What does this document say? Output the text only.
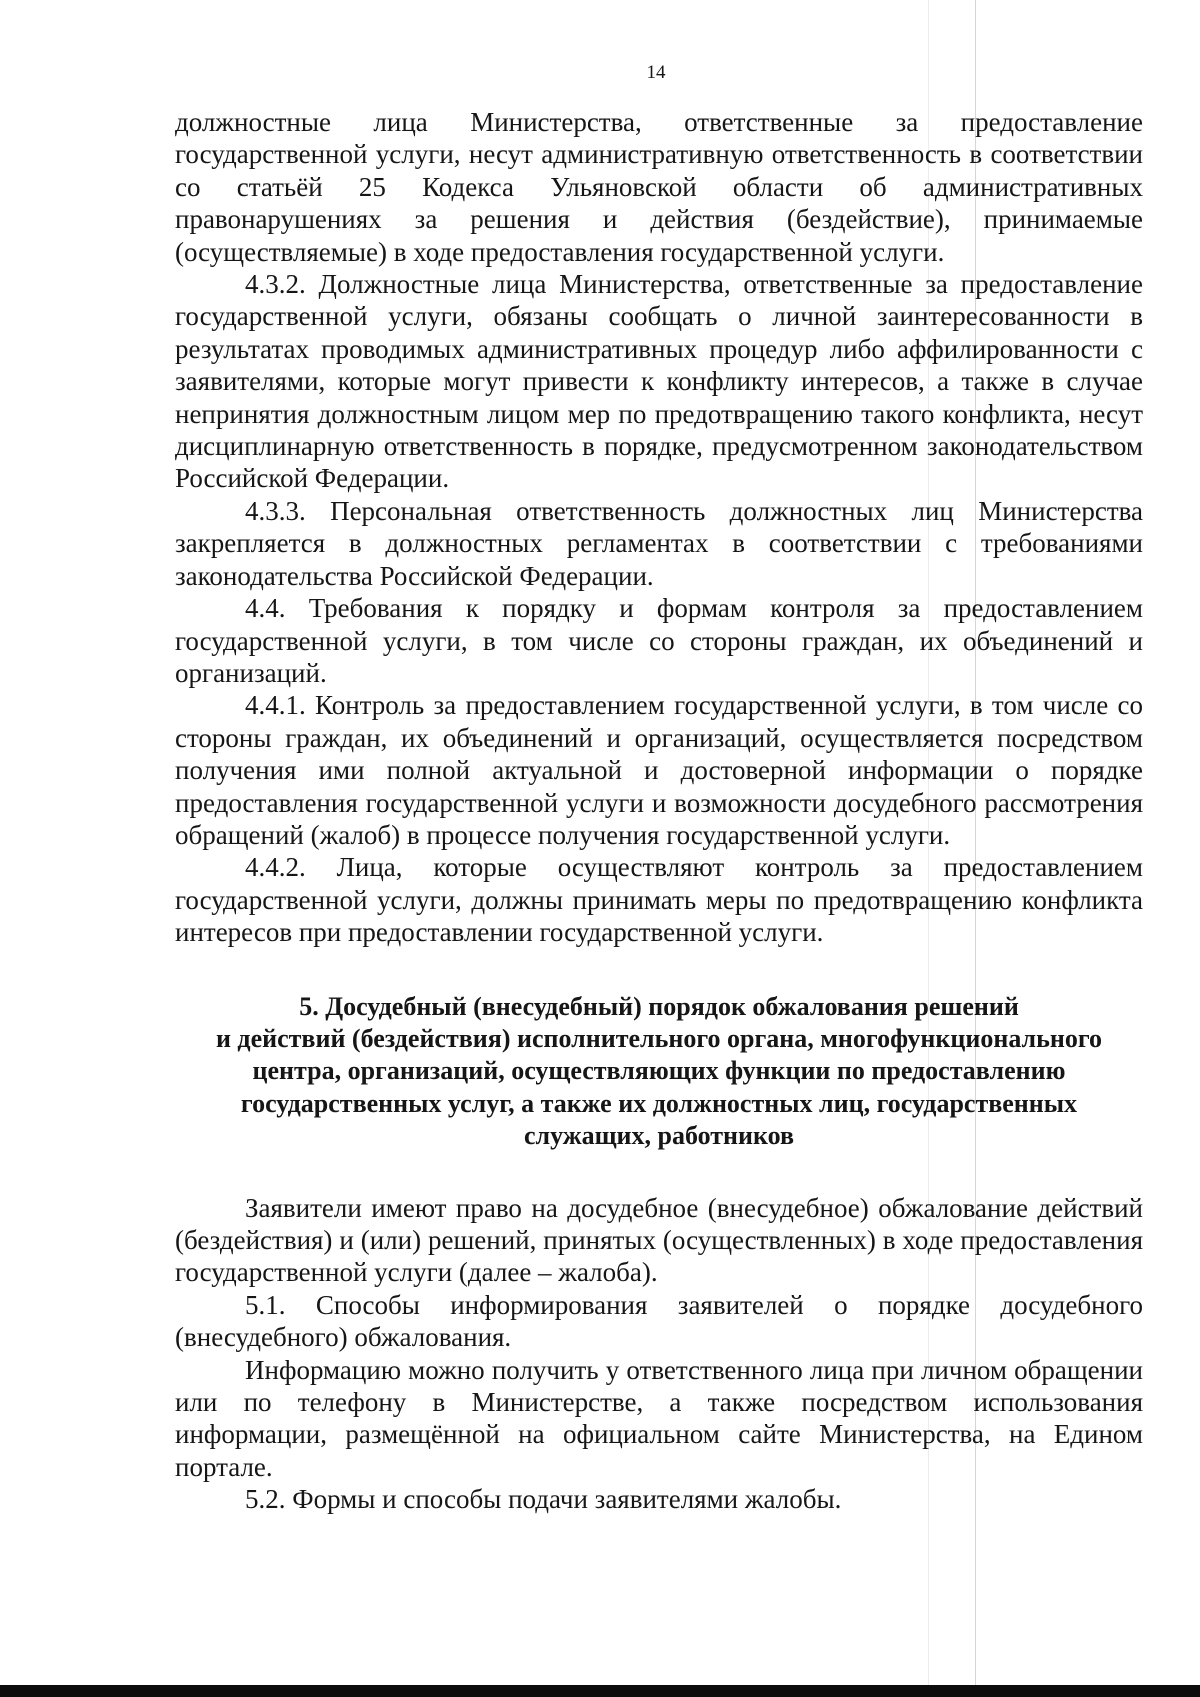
14

должностные лица Министерства, ответственные за предоставление государственной услуги, несут административную ответственность в соответствии со статьёй 25 Кодекса Ульяновской области об административных правонарушениях за решения и действия (бездействие), принимаемые (осуществляемые) в ходе предоставления государственной услуги.

4.3.2. Должностные лица Министерства, ответственные за предоставление государственной услуги, обязаны сообщать о личной заинтересованности в результатах проводимых административных процедур либо аффилированности с заявителями, которые могут привести к конфликту интересов, а также в случае непринятия должностным лицом мер по предотвращению такого конфликта, несут дисциплинарную ответственность в порядке, предусмотренном законодательством Российской Федерации.

4.3.3. Персональная ответственность должностных лиц Министерства закрепляется в должностных регламентах в соответствии с требованиями законодательства Российской Федерации.

4.4. Требования к порядку и формам контроля за предоставлением государственной услуги, в том числе со стороны граждан, их объединений и организаций.

4.4.1. Контроль за предоставлением государственной услуги, в том числе со стороны граждан, их объединений и организаций, осуществляется посредством получения ими полной актуальной и достоверной информации о порядке предоставления государственной услуги и возможности досудебного рассмотрения обращений (жалоб) в процессе получения государственной услуги.

4.4.2. Лица, которые осуществляют контроль за предоставлением государственной услуги, должны принимать меры по предотвращению конфликта интересов при предоставлении государственной услуги.

5. Досудебный (внесудебный) порядок обжалования решений
и действий (бездействия) исполнительного органа, многофункционального
центра, организаций, осуществляющих функции по предоставлению
государственных услуг, а также их должностных лиц, государственных
служащих, работников

Заявители имеют право на досудебное (внесудебное) обжалование действий (бездействия) и (или) решений, принятых (осуществленных) в ходе предоставления государственной услуги (далее – жалоба).

5.1. Способы информирования заявителей о порядке досудебного (внесудебного) обжалования.

Информацию можно получить у ответственного лица при личном обращении или по телефону в Министерстве, а также посредством использования информации, размещённой на официальном сайте Министерства, на Едином портале.

5.2. Формы и способы подачи заявителями жалобы.
